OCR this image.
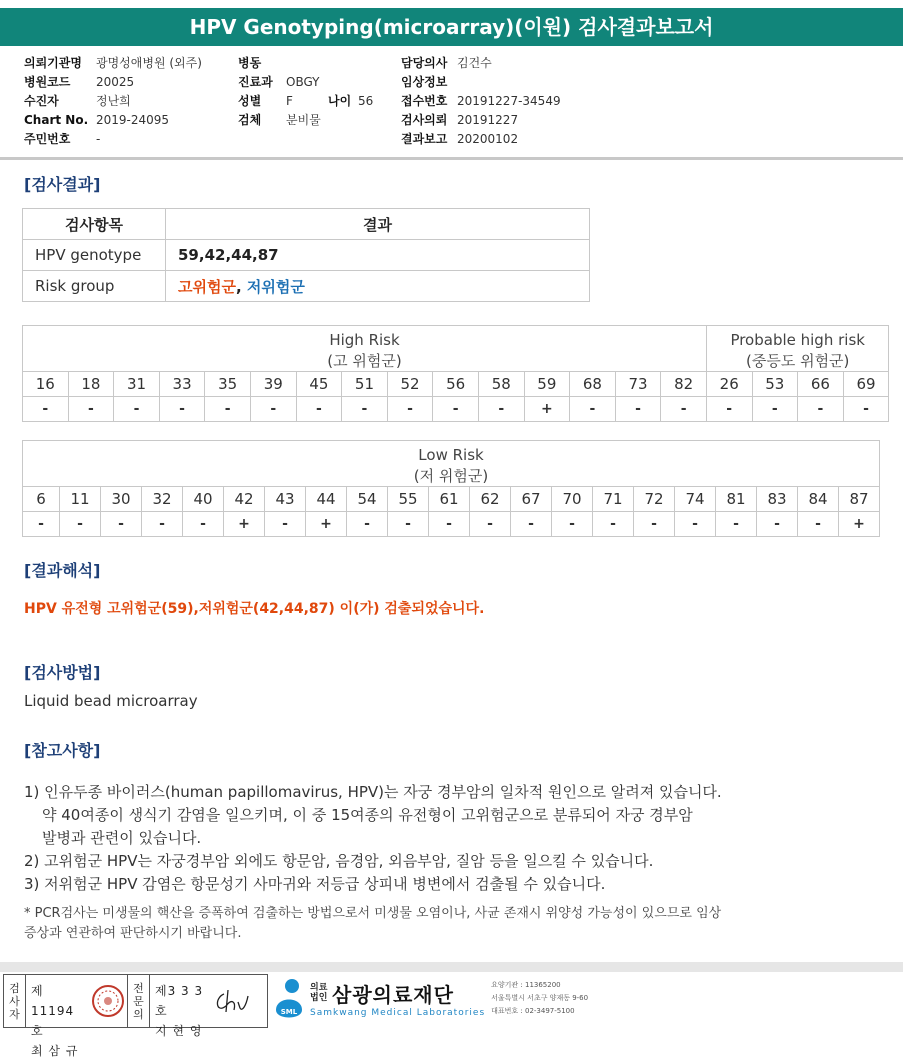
HPV Genotyping(microarray)(이원) 검사결과보고서
의뢰기관명	광명성애병원 (외주)
병원코드	20025
수진자	정난희
Chart No. 2019-24095
주민번호	-
병동
진료과	OBGY
성별	F	나이 56
검체	분비물
담당의사 김건수
임상정보
접수번호 20191227-34549
검사의뢰 20191227
결과보고 20200102
[검사결과]
검사항목	결과
HPV genotype	59,42,44,87
Risk group	고위험군, 저위험군
High Risk
(고 위험군)
Probable high risk
(중등도 위험군)
16	18	31	33	35	39	45	51	52	56	58	59	68	73	82	26	53	66	69
-	-	-	-	-	-	-	-	-	-	-	+	-	-	-	-	-	-	-
Low Risk
(저 위험군)
6	11	30	32	40	42	43	44	54	55	61	62	67	70	71	72	74	81	83	84	87
-	-	-	-	-	+	-	+	-	-	-	-	-	-	-	-	-	-	-	-	+
[결과해석]
HPV 유전형 고위험군(59),저위험군(42,44,87) 이(가) 검출되었습니다.
[검사방법]
Liquid bead microarray
[참고사항]
1) 인유두종 바이러스(human papillomavirus, HPV)는 자궁 경부암의 일차적 원인으로 알려져 있습니다.
약 40여종이 생식기 감염을 일으키며, 이 중 15여종의 유전형이 고위험군으로 분류되어 자궁 경부암
발병과 관련이 있습니다.
2) 고위험군 HPV는 자궁경부암 외에도 항문암, 음경암, 외음부암, 질암 등을 일으킬 수 있습니다.
3) 저위험군 HPV 감염은 항문성기 사마귀와 저등급 상피내 병변에서 검출될 수 있습니다.
* PCR검사는 미생물의 핵산을 증폭하여 검출하는 방법으로서 미생물 오염이나, 사균 존재시 위양성 가능성이 있으므로 임상
증상과 연관하여 판단하시기 바랍니다.
검
사
자
제11194호
최 삼 규
전
문
의
제3 3 3 호
지 현 영
SML
의료법인 삼광의료재단
Samkwang Medical Laboratories
요양기관 : 11365200
서울특별시 서초구 양재동 9-60
대표번호 : 02-3497-5100
